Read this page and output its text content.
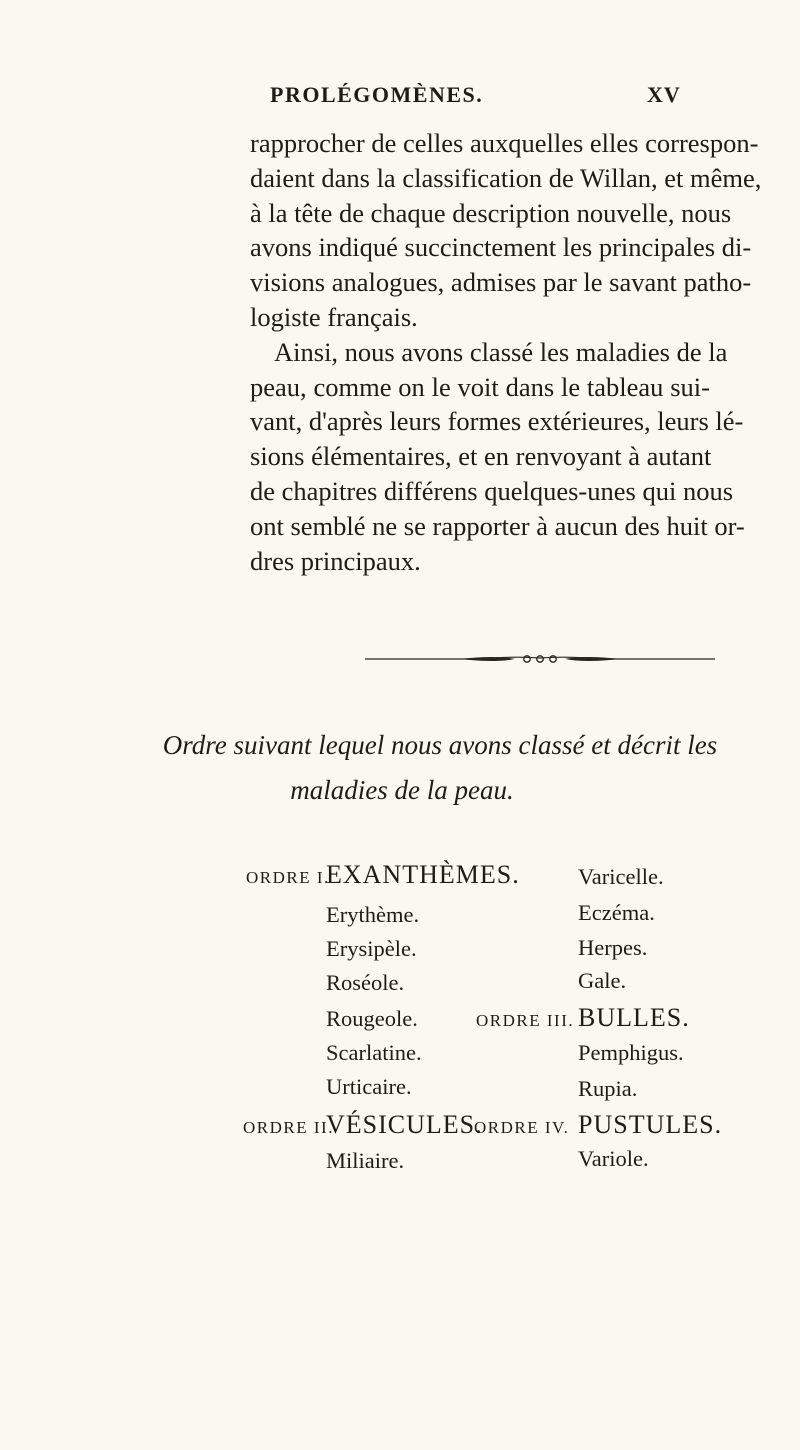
PROLÉGOMÈNES.	XV
rapprocher de celles auxquelles elles correspon-
daient dans la classification de Willan, et même,
à la tête de chaque description nouvelle, nous
avons indiqué succinctement les principales di-
visions analogues, admises par le savant patho-
logiste français.
Ainsi, nous avons classé les maladies de la
peau, comme on le voit dans le tableau sui-
vant, d'après leurs formes extérieures, leurs lé-
sions élémentaires, et en renvoyant à autant
de chapitres différens quelques-unes qui nous
ont semblé ne se rapporter à aucun des huit or-
dres principaux.
Ordre suivant lequel nous avons classé et décrit les
maladies de la peau.
ORDRE I.
EXANTHÈMES.
Erythème.
Erysipèle.
Roséole.
Rougeole.
Scarlatine.
Urticaire.
ORDRE II.
VÉSICULES.
Miliaire.
Varicelle.
Eczéma.
Herpes.
Gale.
ORDRE III. BULLES.
Pemphigus.
Rupia.
ORDRE IV. PUSTULES.
Variole.
